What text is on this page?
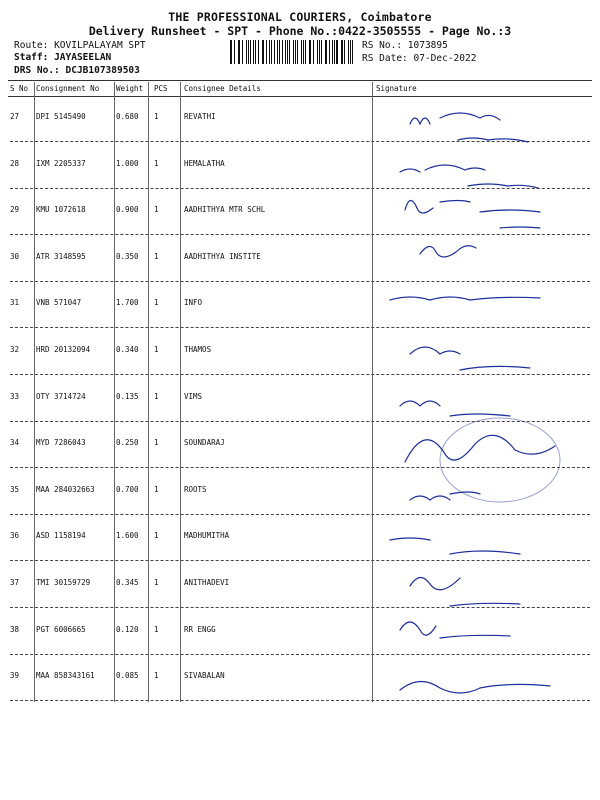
THE PROFESSIONAL COURIERS, Coimbatore
Delivery Runsheet - SPT - Phone No.:0422-3505555 - Page No.:3
Route: KOVILPALAYAM SPT
Staff: JAYASEELAN
DRS No.: DCJB107389503
RS No.: 1073895
RS Date: 07-Dec-2022
S No Consignment No Weight PCS Consignee Details	Signature
27 DPI 5145490	0.680 1	REVATHI
28 IXM 2205337	1.000 1	HEMALATHA
29 KMU 1072618	0.900 1	AADHITHYA MTR SCHL
30 ATR 3148595	0.350 1	AADHITHYA INSTITE
31 VNB 571047	1.700 1	INFO
32 HRD 20132094	0.340 1	THAMOS
33 OTY 3714724	0.135 1	VIMS
34 MYD 7286043	0.250 1	SOUNDARAJ
35 MAA 284032663	0.700 1	ROOTS
36 ASD 1158194	1.600 1	MADHUMITHA
37 TMI 30159729	0.345 1	ANITHADEVI
38 PGT 6006665	0.120 1	RR ENGG
39 MAA 858343161	0.085 1	SIVABALAN
